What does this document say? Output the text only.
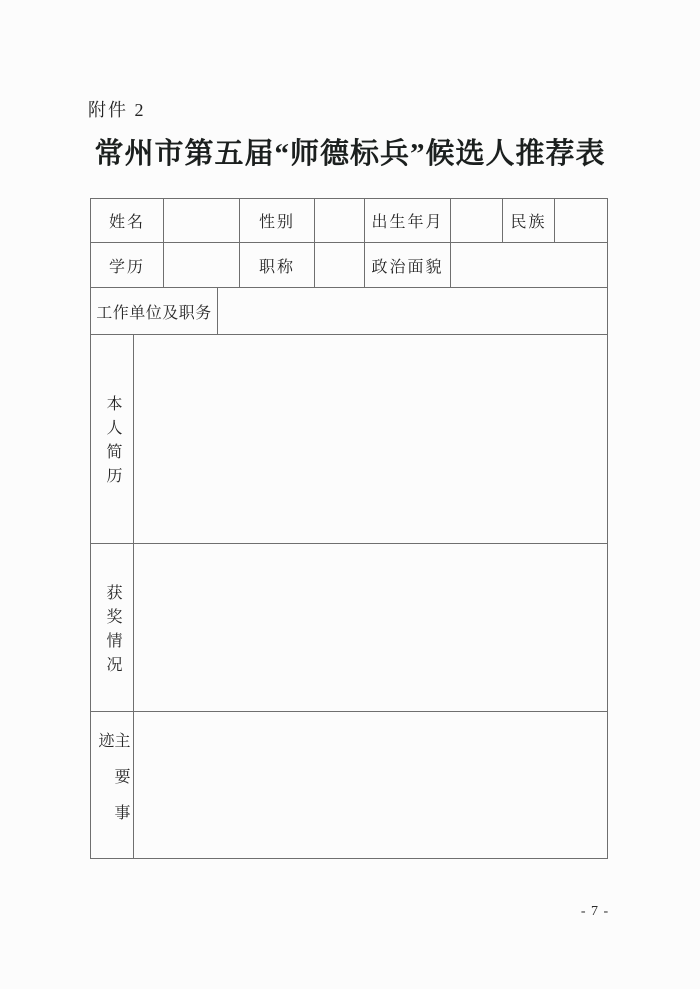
附件 2
常州市第五届“师德标兵”候选人推荐表
姓名	性别	出生年月	民族
学历	职称	政治面貌
工作单位及职务
本人简历
获奖情况
主要事迹
- 7 -
